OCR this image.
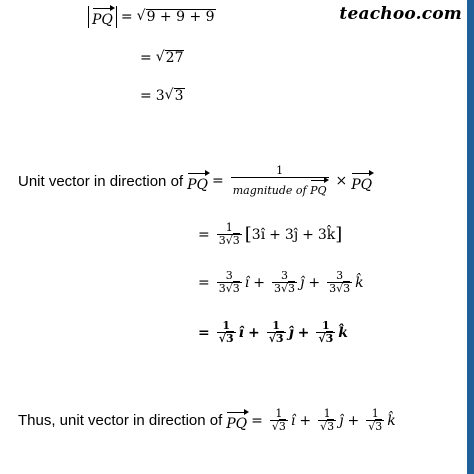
teachoo.com
PQ = √ 9 + 9 + 9
= √ 27
= 3 √ 3
Unit vector in direction of PQ = $\frac{1}{\text{magnitude of PQ}}$ × PQ
= $\frac{1}{3√3}$ [ 3î + 3ĵ + 3k̂ ]
= $\frac{3}{3√3}$ î + $\frac{3}{3√3}$ ĵ + $\frac{3}{3√3}$ k̂
= $\frac{1}{√3}$ î + $\frac{1}{√3}$ ĵ + $\frac{1}{√3}$ k̂
Thus, unit vector in direction of PQ = $\frac{1}{√3}$ î + $\frac{1}{√3}$ ĵ + $\frac{1}{√3}$ k̂
